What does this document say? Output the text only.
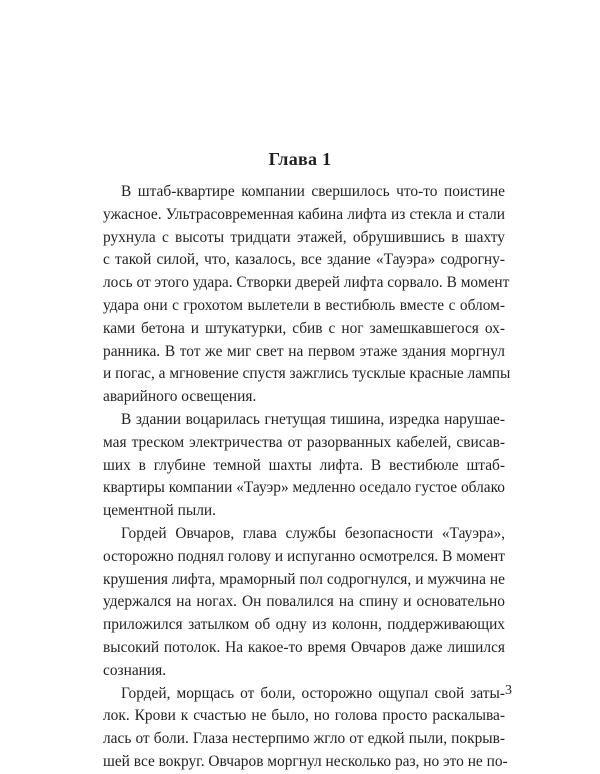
Глава 1
В штаб-квартире компании свершилось что-то поистине
ужасное. Ультрасовременная кабина лифта из стекла и стали
рухнула с высоты тридцати этажей, обрушившись в шахту
с такой силой, что, казалось, все здание «Тауэра» содрогну-
лось от этого удара. Створки дверей лифта сорвало. В момент
удара они с грохотом вылетели в вестибюль вместе с облом-
ками бетона и штукатурки, сбив с ног замешкавшегося ох-
ранника. В тот же миг свет на первом этаже здания моргнул
и погас, а мгновение спустя зажглись тусклые красные лампы
аварийного освещения.
В здании воцарилась гнетущая тишина, изредка нарушае-
мая треском электричества от разорванных кабелей, свисав-
ших в глубине темной шахты лифта. В вестибюле штаб-
квартиры компании «Тауэр» медленно оседало густое облако
цементной пыли.
Гордей Овчаров, глава службы безопасности «Тауэра»,
осторожно поднял голову и испуганно осмотрелся. В момент
крушения лифта, мраморный пол содрогнулся, и мужчина не
удержался на ногах. Он повалился на спину и основательно
приложился затылком об одну из колонн, поддерживающих
высокий потолок. На какое-то время Овчаров даже лишился
сознания.
Гордей, морщась от боли, осторожно ощупал свой заты-
лок. Крови к счастью не было, но голова просто раскалыва-
лась от боли. Глаза нестерпимо жгло от едкой пыли, покрыв-
шей все вокруг. Овчаров моргнул несколько раз, но это не по-
3
